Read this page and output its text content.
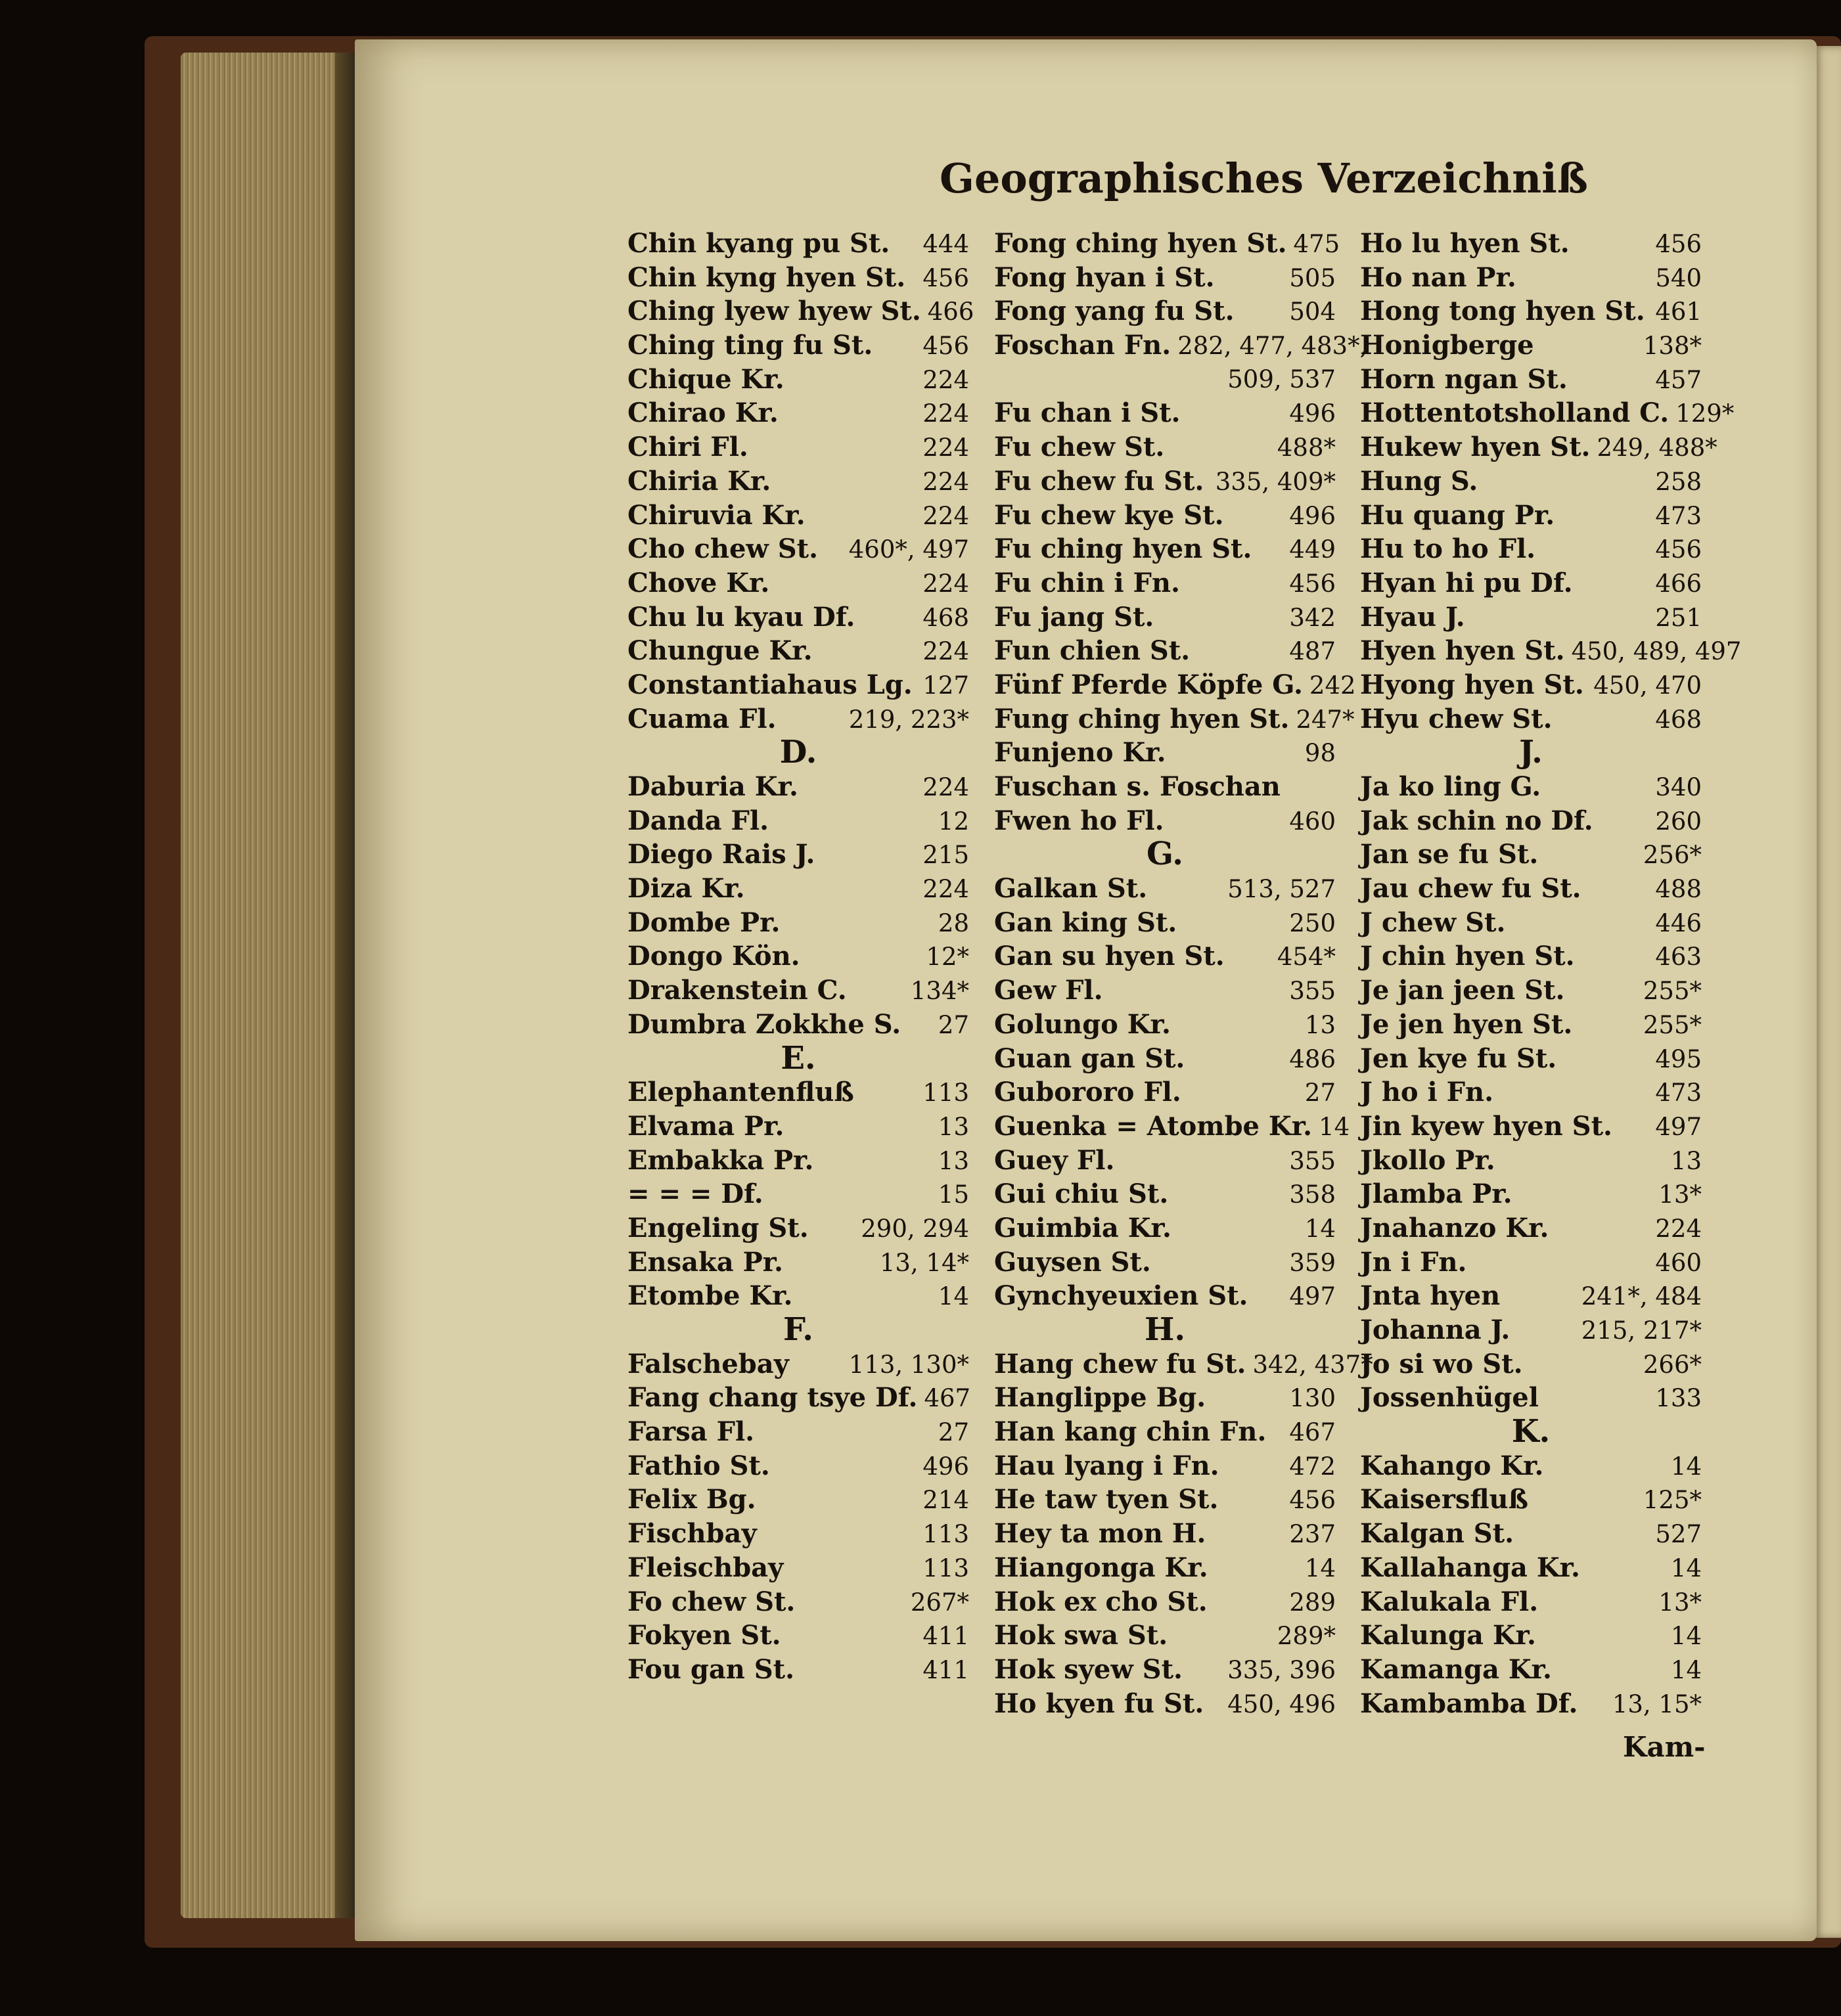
Geographisches Verzeichniß
Chin kyang pu St. 444
Chin kyng hyen St. 456
Ching lyew hyew St. 466
Ching ting fu St. 456
Chique Kr.	224
Chirao Kr.	224
Chiri Fl.	224
Chiria Kr.	224
Chiruvia Kr.	224
Cho chew St. 460*, 497
Chove Kr.	224
Chu lu kyau Df.	468
Chungue Kr.	224
Constantiahaus Lg. 127
Cuama Fl.	219, 223*
D.
Daburia Kr.	224
Danda Fl.	12
Diego Rais J.	215
Diza Kr.	224
Dombe Pr.	28
Dongo Kön.	12*
Drakenstein C.	134*
Dumbra Zokkhe S. 27
E.
Elephantenfluß	113
Elvama Pr.	13
Embakka Pr.	13
= = = Df.	15
Engeling St. 290, 294
Ensaka Pr.	13, 14*
Etombe Kr.	14
F.
Falschebay 113, 130*
Fang chang tsye Df. 467
Farsa Fl.	27
Fathio St.	496
Felix Bg.	214
Fischbay	113
Fleischbay	113
Fo chew St.	267*
Fokyen St.	411
Fou gan St.	411
Fong ching hyen St. 475
Fong hyan i St.	505
Fong yang fu St. 504
Foschan Fn. 282, 477, 483*,
509, 537
Fu chan i St.	496
Fu chew St.	488*
Fu chew fu St. 335, 409*
Fu chew kye St.	496
Fu ching hyen St. 449
Fu chin i Fn.	456
Fu jang St.	342
Fun chien St.	487
Fünf Pferde Köpfe G. 242
Fung ching hyen St. 247*
Funjeno Kr.	98
Fuschan s. Foschan
Fwen ho Fl.	460
G.
Galkan St.	513, 527
Gan king St.	250
Gan su hyen St. 454*
Gew Fl.	355
Golungo Kr.	13
Guan gan St.	486
Gubororo Fl.	27
Guenka = Atombe Kr. 14
Guey Fl.	355
Gui chiu St.	358
Guimbia Kr.	14
Guysen St.	359
Gynchyeuxien St. 497
H.
Hang chew fu St. 342, 437*
Hanglippe Bg.	130
Han kang chin Fn. 467
Hau lyang i Fn.	472
He taw tyen St.	456
Hey ta mon H.	237
Hiangonga Kr.	14
Hok ex cho St.	289
Hok swa St.	289*
Hok syew St. 335, 396
Ho kyen fu St. 450, 496
Ho lu hyen St.	456
Ho nan Pr.	540
Hong tong hyen St. 461
Honigberge	138*
Horn ngan St.	457
Hottentotsholland C. 129*
Hukew hyen St. 249, 488*
Hung S.	258
Hu quang Pr.	473
Hu to ho Fl.	456
Hyan hi pu Df.	466
Hyau J.	251
Hyen hyen St. 450, 489, 497
Hyong hyen St. 450, 470
Hyu chew St.	468
J.
Ja ko ling G.	340
Jak schin no Df.	260
Jan se fu St.	256*
Jau chew fu St.	488
J chew St.	446
J chin hyen St.	463
Je jan jeen St.	255*
Je jen hyen St.	255*
Jen kye fu St.	495
J ho i Fn.	473
Jin kyew hyen St. 497
Jkollo Pr.	13
Jlamba Pr.	13*
Jnahanzo Kr.	224
Jn i Fn.	460
Jnta hyen	241*, 484
Johanna J.	215, 217*
Jo si wo St.	266*
Jossenhügel	133
K.
Kahango Kr.	14
Kaisersfluß	125*
Kalgan St.	527
Kallahanga Kr.	14
Kalukala Fl.	13*
Kalunga Kr.	14
Kamanga Kr.	14
Kambamba Df. 13, 15*
Kam-
